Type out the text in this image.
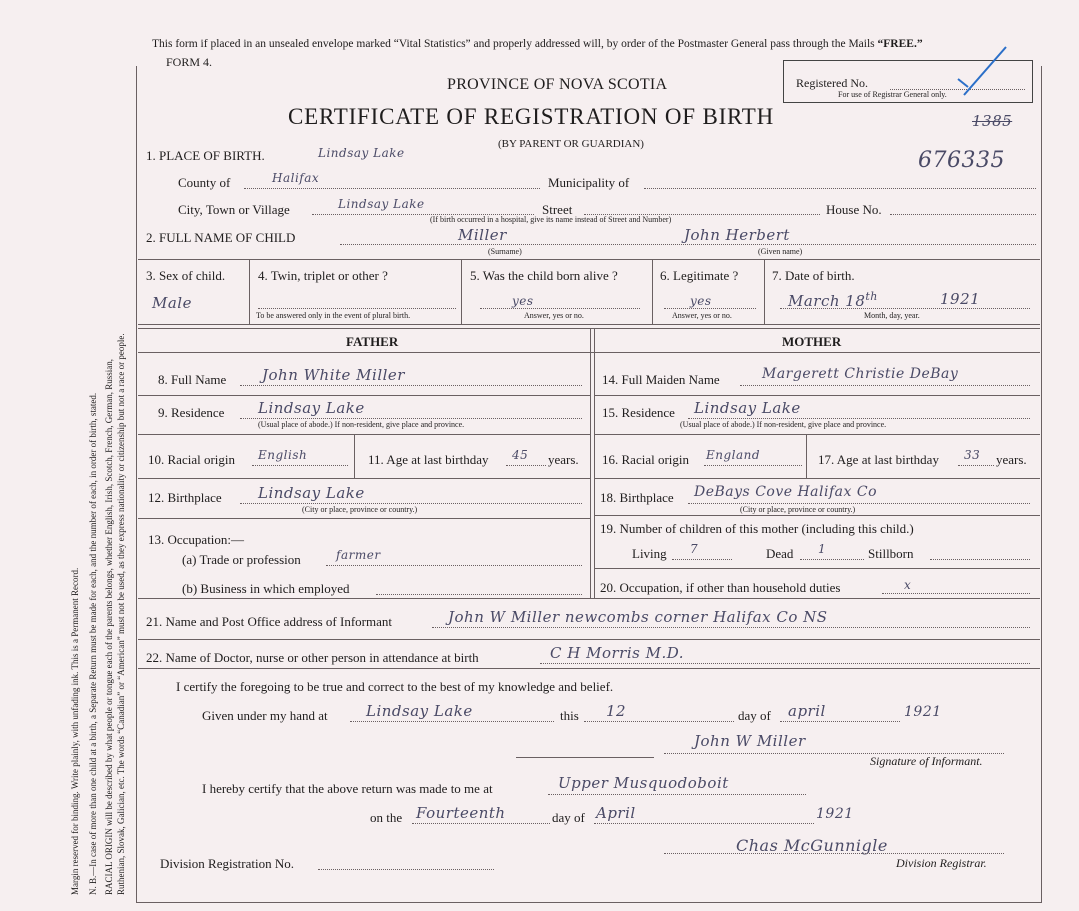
Margin reserved for binding. Write plainly, with unfading ink. This is a Permanent Record. N. B.—In case of more than one child at a birth, a Separate Return must be made for each, and the number of each, in order of birth, stated. RACIAL ORIGIN will be described by what people or tongue each of the parents belongs, whether English, Irish, Scotch, French, German, Russian, Ruthenian, Slovak, Galician, etc. The words “Canadian” or “American” must not be used, as they express nationality or citizenship but not a race or people.
This form if placed in an unsealed envelope marked “Vital Statistics” and properly addressed will, by order of the Postmaster General pass through the Mails “FREE.”
FORM 4.
PROVINCE OF NOVA SCOTIA
CERTIFICATE OF REGISTRATION OF BIRTH
(BY PARENT OR GUARDIAN)
Registered No.
For use of Registrar General only.
1385
676335
1. PLACE OF BIRTH.	Lindsay Lake
County of	Halifax	Municipality of
City, Town or Village	Lindsay Lake	Street	House No.
(If birth occurred in a hospital, give its name instead of Street and Number)
2. FULL NAME OF CHILD	Miller	John Herbert
(Surname)	(Given name)
3. Sex of child.
Male
4. Twin, triplet or other ?
To be answered only in the event of plural birth.
5. Was the child born alive ?
yes
Answer, yes or no.
6. Legitimate ?
yes
Answer, yes or no.
7. Date of birth.
March 18th	1921
Month, day, year.
FATHER	MOTHER
8. Full Name John White Miller
9. Residence Lindsay Lake
(Usual place of abode.) If non-resident, give place and province.
10. Racial origin English	11. Age at last birthday 45 years.
12. Birthplace Lindsay Lake
(City or place, province or country.)
13. Occupation:—
(a) Trade or profession	farmer
(b) Business in which employed
14. Full Maiden Name	Margerett Christie DeBay
15. Residence Lindsay Lake
(Usual place of abode.) If non-resident, give place and province.
16. Racial origin England	17. Age at last birthday 33 years.
18. Birthplace DeBays Cove Halifax Co
(City or place, province or country.)
19. Number of children of this mother (including this child.)
Living 7	Dead 1	Stillborn
20. Occupation, if other than household duties	x
21. Name and Post Office address of Informant	John W Miller newcombs corner Halifax Co NS
22. Name of Doctor, nurse or other person in attendance at birth	C H Morris M.D.
I certify the foregoing to be true and correct to the best of my knowledge and belief.
Given under my hand at	Lindsay Lake	this 12	day of april	1921
John W Miller
Signature of Informant.
I hereby certify that the above return was made to me at	Upper Musquodoboit
on the Fourteenth	day of April	1921
Chas McGunnigle
Division Registrar.
Division Registration No.
